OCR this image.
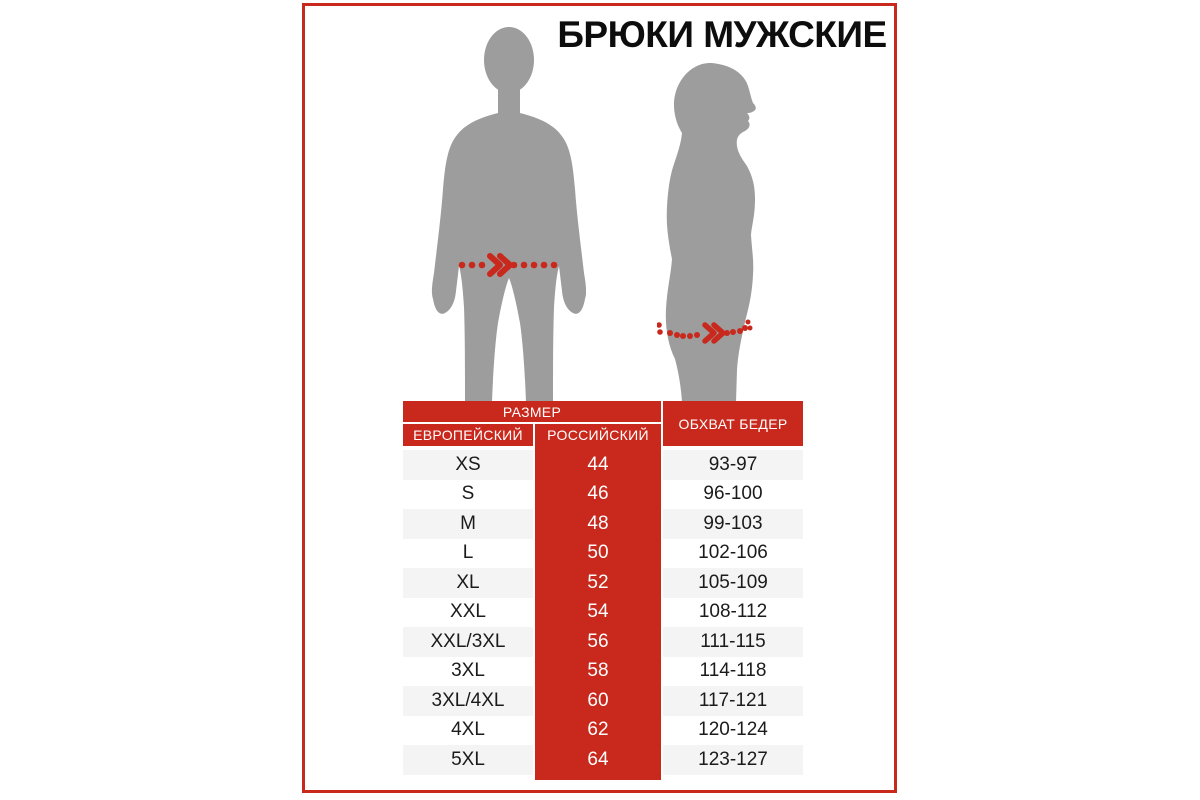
БРЮКИ МУЖСКИЕ
РАЗМЕР
ОБХВАТ БЕДЕР
ЕВРОПЕЙСКИЙ	РОССИЙСКИЙ
XS	44	93-97
S	46	96-100
M	48	99-103
L	50	102-106
XL	52	105-109
XXL	54	108-112
XXL/3XL	56	111-115
3XL	58	114-118
3XL/4XL	60	117-121
4XL	62	120-124
5XL	64	123-127
